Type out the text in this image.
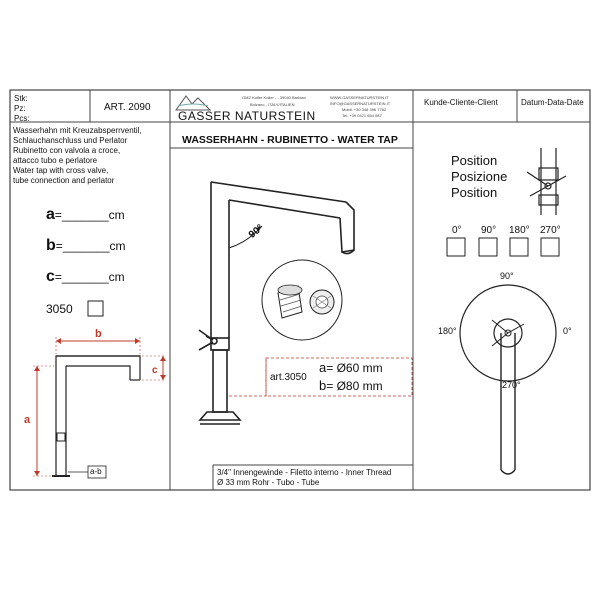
Stk:
Pz:
Pcs:
ART. 2090
GASSER NATURSTEIN
GMZ Kofler Koller - - 39040 Barbian
Bolzano - ITALY/ITALIEN
WWW.GASSERNATURSTEIN.IT
INFO@GASSERNATURSTEIN.IT
Mobil: +39 348 396 7762
Tel: +39 0471 654 087
Kunde-Cliente-Client	Datum-Data-Date
WASSERHAHN - RUBINETTO - WATER TAP
Wasserhahn mit Kreuzabsperrventil,
Schlauchanschluss und Perlator
Rubinetto con valvola a croce,
attacco tubo e perlatore
Water tap with cross valve,
tube connection and perlator
a=_______cm
b=_______cm
c=_______cm
3050
b
a
c
a-b
90°
art.3050
a= Ø60 mm
b= Ø80 mm
3/4" Innengewinde - Filetto interno - Inner Thread
Ø 33 mm Rohr - Tubo - Tube
Position
Posizione
Position
0° 90° 180° 270°
90°
180°	0°
270°
